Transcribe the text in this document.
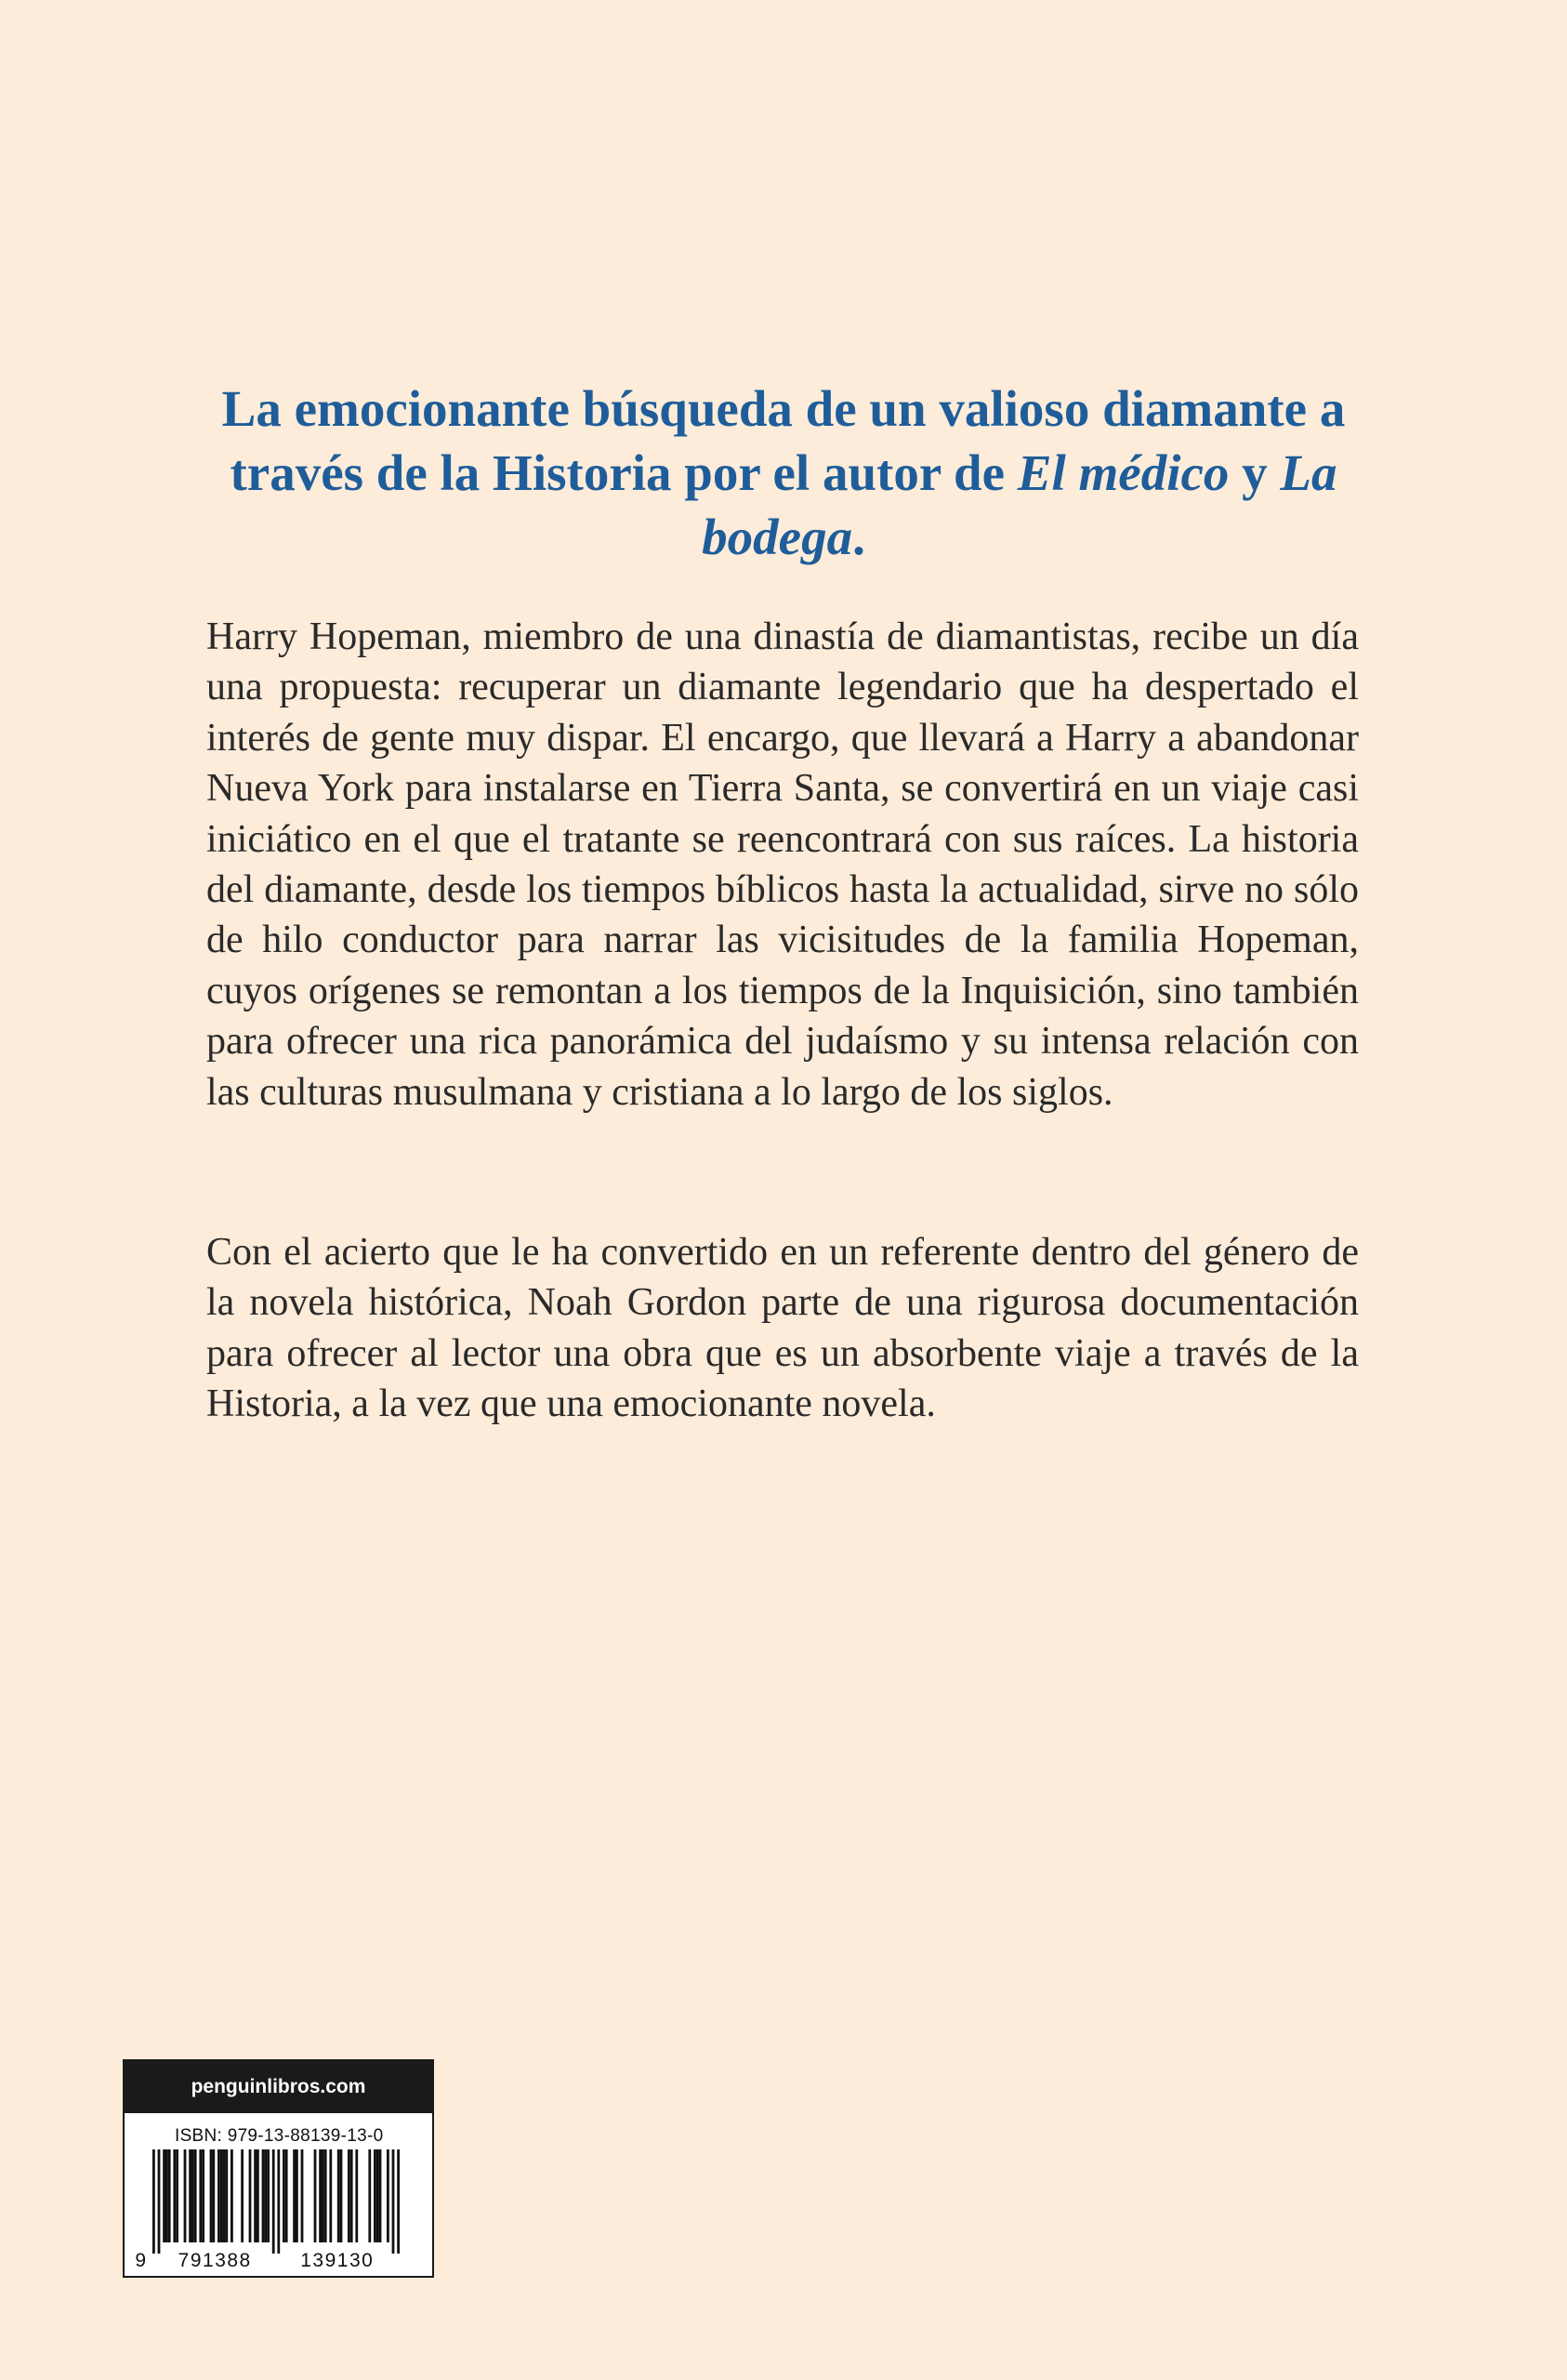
La emocionante búsqueda de un valioso diamante a través de la Historia por el autor de El médico y La bodega.

Harry Hopeman, miembro de una dinastía de diamantistas, recibe un día una propuesta: recuperar un diamante legendario que ha despertado el interés de gente muy dispar. El encargo, que llevará a Harry a abandonar Nueva York para instalarse en Tierra Santa, se convertirá en un viaje casi iniciático en el que el tratante se reencontrará con sus raíces. La historia del diamante, desde los tiempos bíblicos hasta la actualidad, sirve no sólo de hilo conductor para narrar las vicisitudes de la familia Hopeman, cuyos orígenes se remontan a los tiempos de la Inquisición, sino también para ofrecer una rica panorámica del judaísmo y su intensa relación con las culturas musulmana y cristiana a lo largo de los siglos.

Con el acierto que le ha convertido en un referente dentro del género de la novela histórica, Noah Gordon parte de una rigurosa documentación para ofrecer al lector una obra que es un absorbente viaje a través de la Historia, a la vez que una emocionante novela.

penguinlibros.com
ISBN: 979-13-88139-13-0
9 791388	139130
